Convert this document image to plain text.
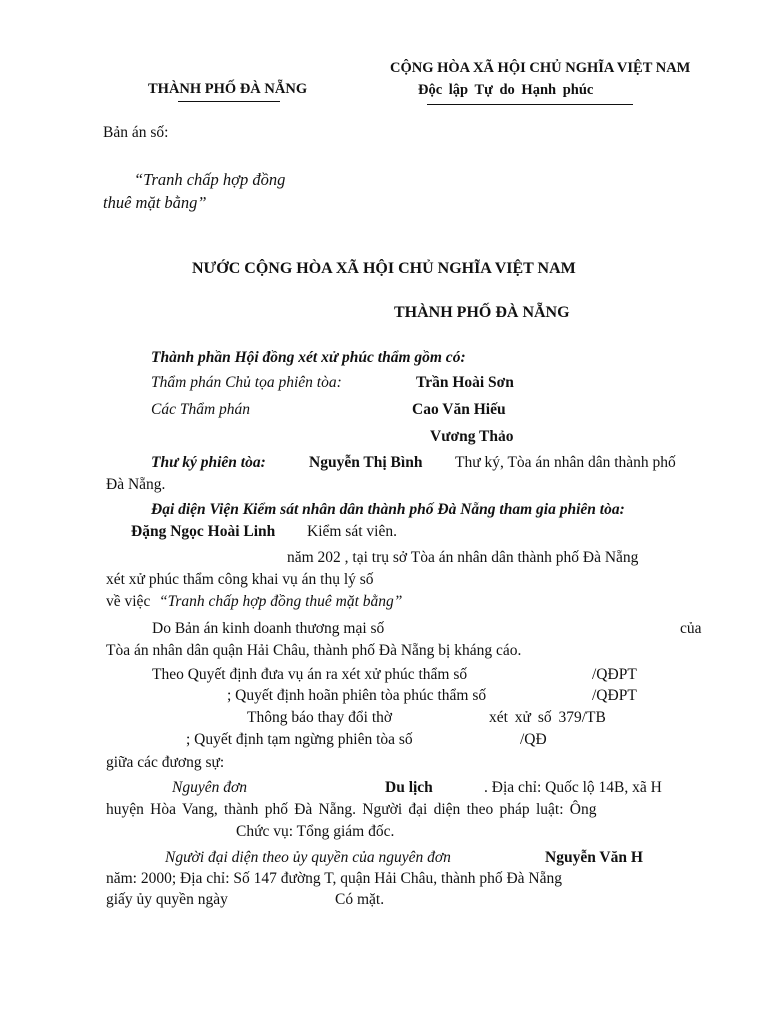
THÀNH PHỐ ĐÀ NẴNG
CỘNG HÒA XÃ HỘI CHỦ NGHĨA VIỆT NAM
Độc lập Tự do Hạnh phúc
Bản án số:
“Tranh chấp hợp đồng
thuê mặt bằng”
NƯỚC CỘNG HÒA XÃ HỘI CHỦ NGHĨA VIỆT NAM
THÀNH PHỐ ĐÀ NẴNG
Thành phần Hội đồng xét xử phúc thẩm gồm có:
Thẩm phán Chủ tọa phiên tòa:	Trần Hoài Sơn
Các Thẩm phán	Cao Văn Hiếu
Vương Thảo
Thư ký phiên tòa:	Nguyễn Thị Bình Thư ký, Tòa án nhân dân thành phố
Đà Nẵng.
Đại diện Viện Kiểm sát nhân dân thành phố Đà Nẵng tham gia phiên tòa:
Đặng Ngọc Hoài Linh Kiểm sát viên.
năm 202 , tại trụ sở Tòa án nhân dân thành phố Đà Nẵng
xét xử phúc thẩm công khai vụ án thụ lý số
về việc “Tranh chấp hợp đồng thuê mặt bằng”
Do Bản án kinh doanh thương mại số	của
Tòa án nhân dân quận Hải Châu, thành phố Đà Nẵng bị kháng cáo.
Theo Quyết định đưa vụ án ra xét xử phúc thẩm số	/QĐPT
; Quyết định hoãn phiên tòa phúc thẩm số	/QĐPT
Thông báo thay đổi thờ	xét xử số 379/TB
; Quyết định tạm ngừng phiên tòa số	/QĐ
giữa các đương sự:
Nguyên đơn	Du lịch	. Địa chỉ: Quốc lộ 14B, xã H
huyện Hòa Vang, thành phố Đà Nẵng. Người đại diện theo pháp luật: Ông
Chức vụ: Tổng giám đốc.
Người đại diện theo ủy quyền của nguyên đơn	Nguyễn Văn H
năm: 2000; Địa chỉ: Số 147 đường T, quận Hải Châu, thành phố Đà Nẵng
giấy ủy quyền ngày	Có mặt.
